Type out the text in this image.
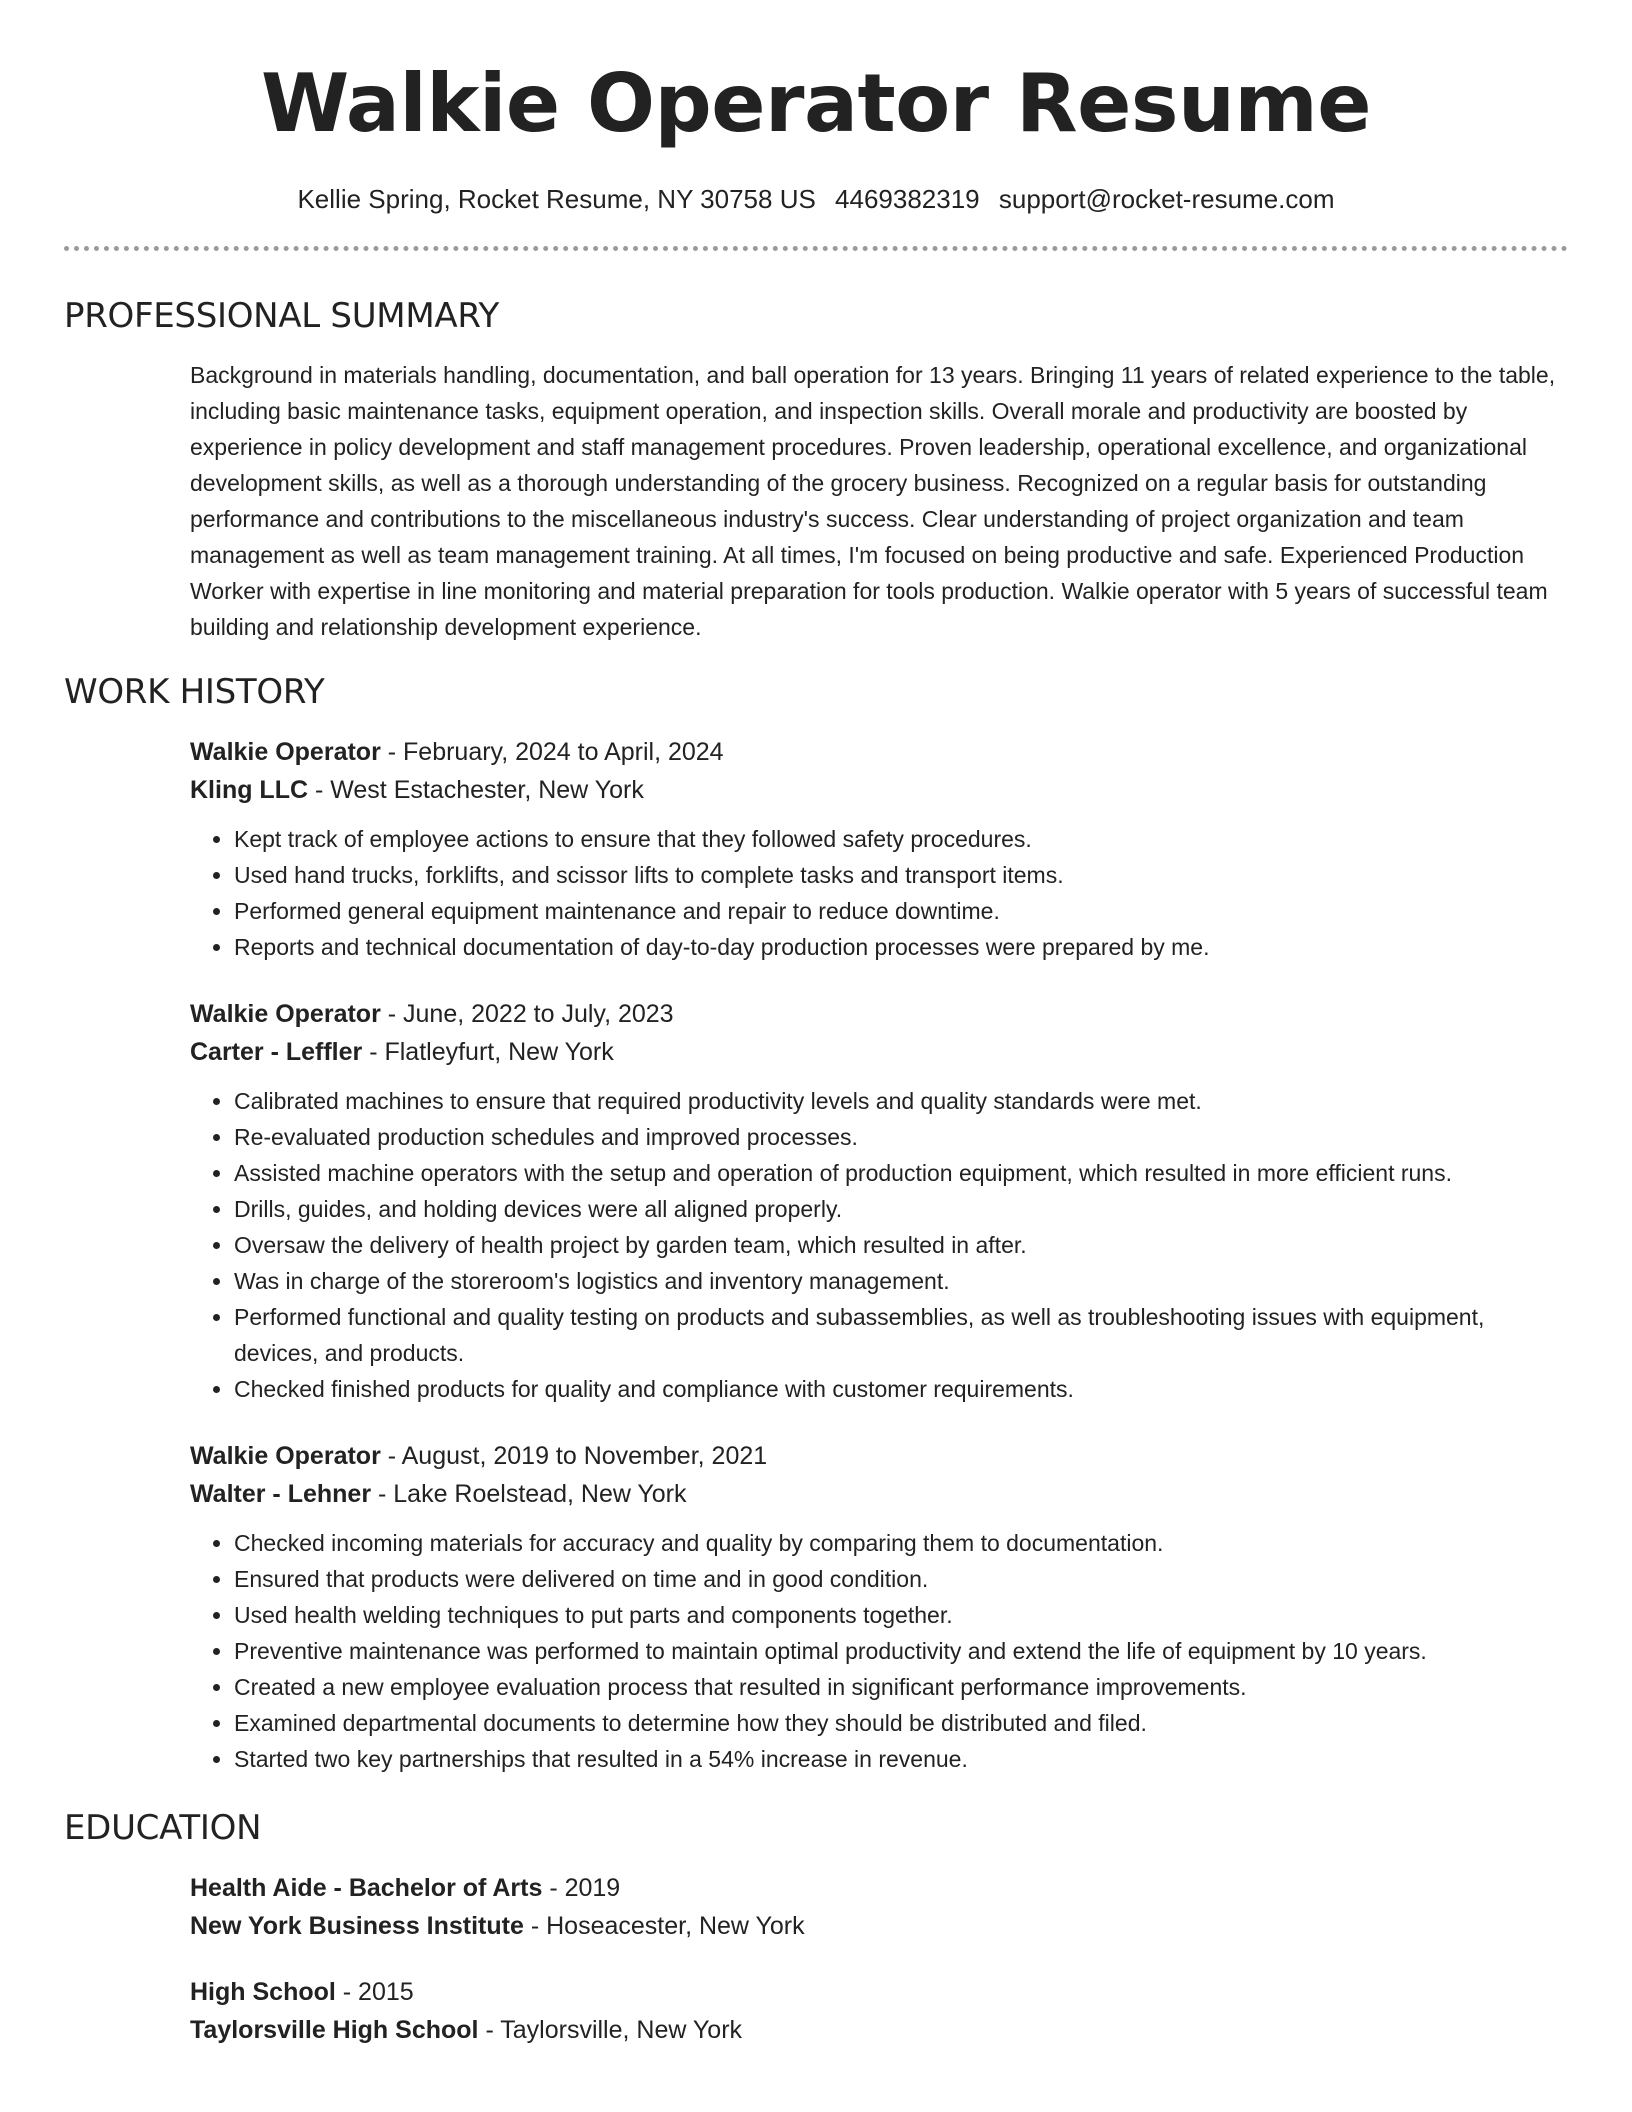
Walkie Operator Resume
Kellie Spring, Rocket Resume, NY 30758 US 4469382319 support@rocket-resume.com
PROFESSIONAL SUMMARY

Background in materials handling, documentation, and ball operation for 13 years. Bringing 11 years of related experience to the table, including basic maintenance tasks, equipment operation, and inspection skills. Overall morale and productivity are boosted by experience in policy development and staff management procedures. Proven leadership, operational excellence, and organizational development skills, as well as a thorough understanding of the grocery business. Recognized on a regular basis for outstanding performance and contributions to the miscellaneous industry's success. Clear understanding of project organization and team management as well as team management training. At all times, I'm focused on being productive and safe. Experienced Production Worker with expertise in line monitoring and material preparation for tools production. Walkie operator with 5 years of successful team building and relationship development experience.

WORK HISTORY

Walkie Operator - February, 2024 to April, 2024

Kling LLC - West Estachester, New York

• Kept track of employee actions to ensure that they followed safety procedures.
• Used hand trucks, forklifts, and scissor lifts to complete tasks and transport items.
• Performed general equipment maintenance and repair to reduce downtime.
• Reports and technical documentation of day-to-day production processes were prepared by me.

Walkie Operator - June, 2022 to July, 2023

Carter - Leffler - Flatleyfurt, New York

• Calibrated machines to ensure that required productivity levels and quality standards were met.
• Re-evaluated production schedules and improved processes.
• Assisted machine operators with the setup and operation of production equipment, which resulted in more efficient runs.
• Drills, guides, and holding devices were all aligned properly.
• Oversaw the delivery of health project by garden team, which resulted in after.
• Was in charge of the storeroom's logistics and inventory management.
• Performed functional and quality testing on products and subassemblies, as well as troubleshooting issues with equipment, devices, and products.
• Checked finished products for quality and compliance with customer requirements.

Walkie Operator - August, 2019 to November, 2021

Walter - Lehner - Lake Roelstead, New York

• Checked incoming materials for accuracy and quality by comparing them to documentation.
• Ensured that products were delivered on time and in good condition.
• Used health welding techniques to put parts and components together.
• Preventive maintenance was performed to maintain optimal productivity and extend the life of equipment by 10 years.
• Created a new employee evaluation process that resulted in significant performance improvements.
• Examined departmental documents to determine how they should be distributed and filed.
• Started two key partnerships that resulted in a 54% increase in revenue.
EDUCATION

Health Aide - Bachelor of Arts - 2019

New York Business Institute - Hoseacester, New York

High School - 2015

Taylorsville High School - Taylorsville, New York
